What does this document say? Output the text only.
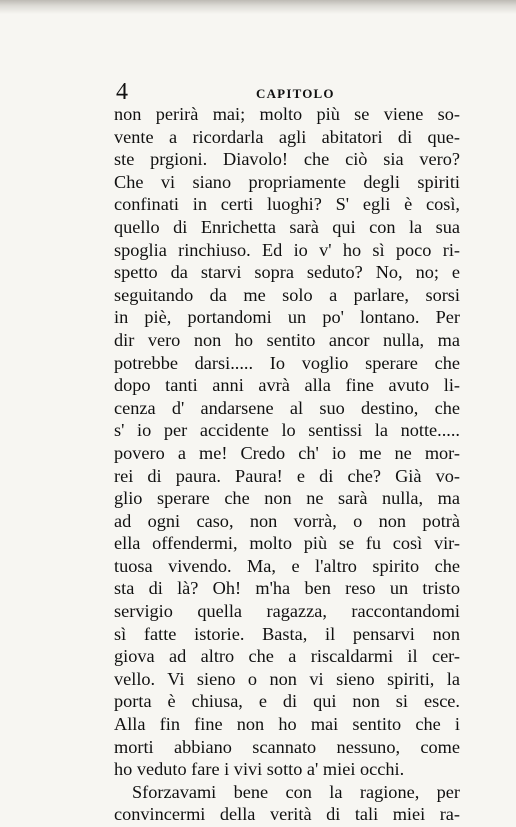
4	CAPITOLO
non perirà mai; molto più se viene so-
vente a ricordarla agli abitatori di que-
ste prgioni. Diavolo! che ciò sia vero?
Che vi siano propriamente degli spiriti
confinati in certi luoghi? S' egli è così,
quello di Enrichetta sarà qui con la sua
spoglia rinchiuso. Ed io v' ho sì poco ri-
spetto da starvi sopra seduto? No, no; e
seguitando da me solo a parlare, sorsi
in piè, portandomi un po' lontano. Per
dir vero non ho sentito ancor nulla, ma
potrebbe darsi..... Io voglio sperare che
dopo tanti anni avrà alla fine avuto li-
cenza d' andarsene al suo destino, che
s' io per accidente lo sentissi la notte.....
povero a me! Credo ch' io me ne mor-
rei di paura. Paura! e di che? Già vo-
glio sperare che non ne sarà nulla, ma
ad ogni caso, non vorrà, o non potrà
ella offendermi, molto più se fu così vir-
tuosa vivendo. Ma, e l'altro spirito che
sta di là? Oh! m'ha ben reso un tristo
servigio quella ragazza, raccontandomi
sì fatte istorie. Basta, il pensarvi non
giova ad altro che a riscaldarmi il cer-
vello. Vi sieno o non vi sieno spiriti, la
porta è chiusa, e di qui non si esce.
Alla fin fine non ho mai sentito che i
morti abbiano scannato nessuno, come
ho veduto fare i vivi sotto a' miei occhi.
Sforzavami bene con la ragione, per
convincermi della verità di tali miei ra-
